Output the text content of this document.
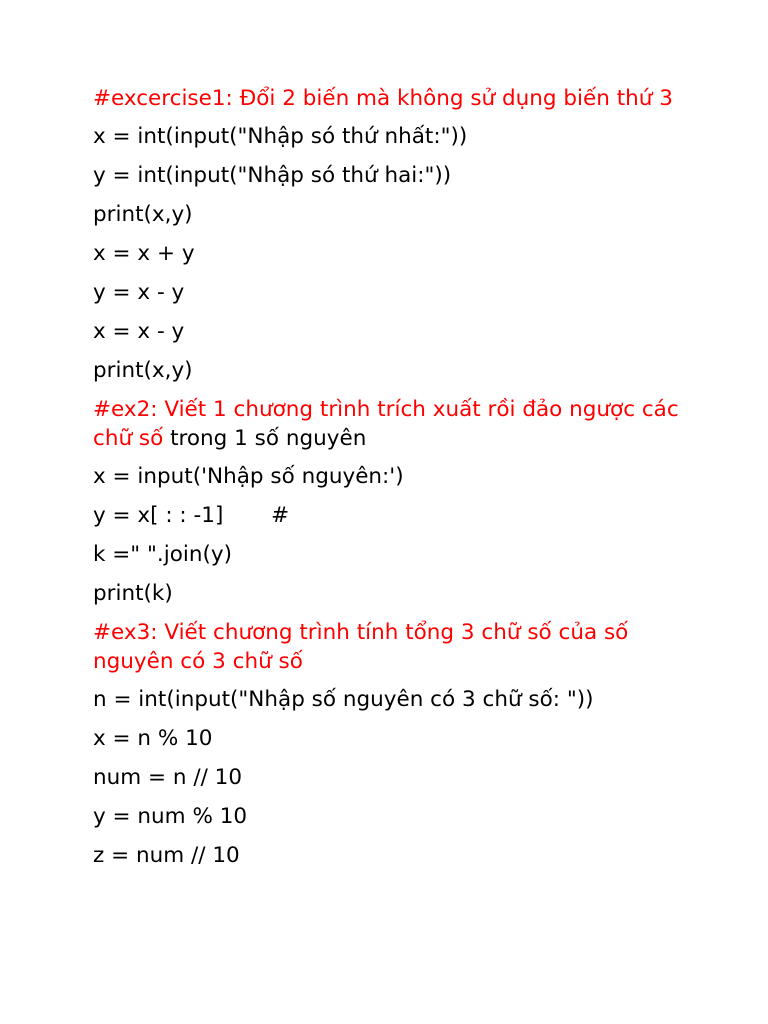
#excercise1: Đổi 2 biến mà không sử dụng biến thứ 3
x = int(input("Nhập só thứ nhất:"))
y = int(input("Nhập só thứ hai:"))
print(x,y)
x = x + y
y = x - y
x = x - y
print(x,y)
#ex2: Viết 1 chương trình trích xuất rồi đảo ngược các chữ số trong 1 số nguyên
x = input('Nhập số nguyên:')
y = x[ : : -1]       #
k =" ".join(y)
print(k)
#ex3: Viết chương trình tính tổng 3 chữ số của số nguyên có 3 chữ số
n = int(input("Nhập số nguyên có 3 chữ số: "))
x = n % 10
num = n // 10
y = num % 10
z = num // 10
